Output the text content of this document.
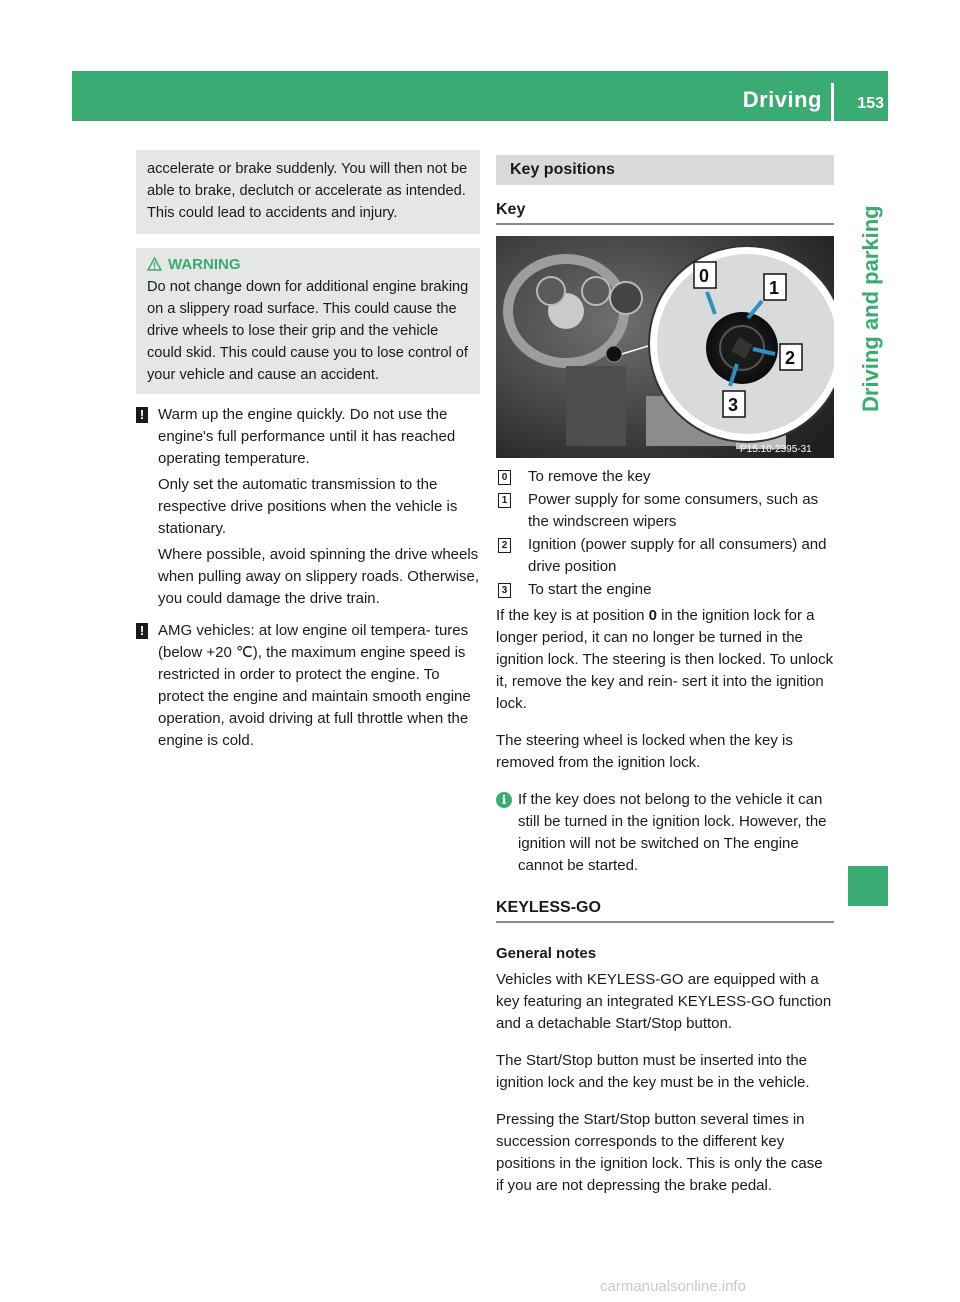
Driving 153
Driving and parking

accelerate or brake suddenly. You will then not be able to brake, declutch or accelerate as intended. This could lead to accidents and injury.

WARNING

Do not change down for additional engine braking on a slippery road surface. This could cause the drive wheels to lose their grip and the vehicle could skid. This could cause you to lose control of your vehicle and cause an accident.

! Warm up the engine quickly. Do not use the engine's full performance until it has reached operating temperature.

Only set the automatic transmission to the respective drive positions when the vehicle is stationary.

Where possible, avoid spinning the drive wheels when pulling away on slippery roads. Otherwise, you could damage the drive train.

! AMG vehicles: at low engine oil tempera- tures (below +20 ℃), the maximum engine speed is restricted in order to protect the engine. To protect the engine and maintain smooth engine operation, avoid driving at full throttle when the engine is cold.

Key positions
Key
0
1
2
3
P15.10-2395-31
0 To remove the key
1 Power supply for some consumers, such as the windscreen wipers
2 Ignition (power supply for all consumers) and drive position
3 To start the engine

If the key is at position 0 in the ignition lock for a longer period, it can no longer be turned in the ignition lock. The steering is then locked. To unlock it, remove the key and rein- sert it into the ignition lock.

The steering wheel is locked when the key is removed from the ignition lock.

i If the key does not belong to the vehicle it can still be turned in the ignition lock. However, the ignition will not be switched on The engine cannot be started.

KEYLESS-GO
General notes

Vehicles with KEYLESS-GO are equipped with a key featuring an integrated KEYLESS-GO function and a detachable Start/Stop button.

The Start/Stop button must be inserted into the ignition lock and the key must be in the vehicle.

Pressing the Start/Stop button several times in succession corresponds to the different key positions in the ignition lock. This is only the case if you are not depressing the brake pedal.

carmanualsonline.info
